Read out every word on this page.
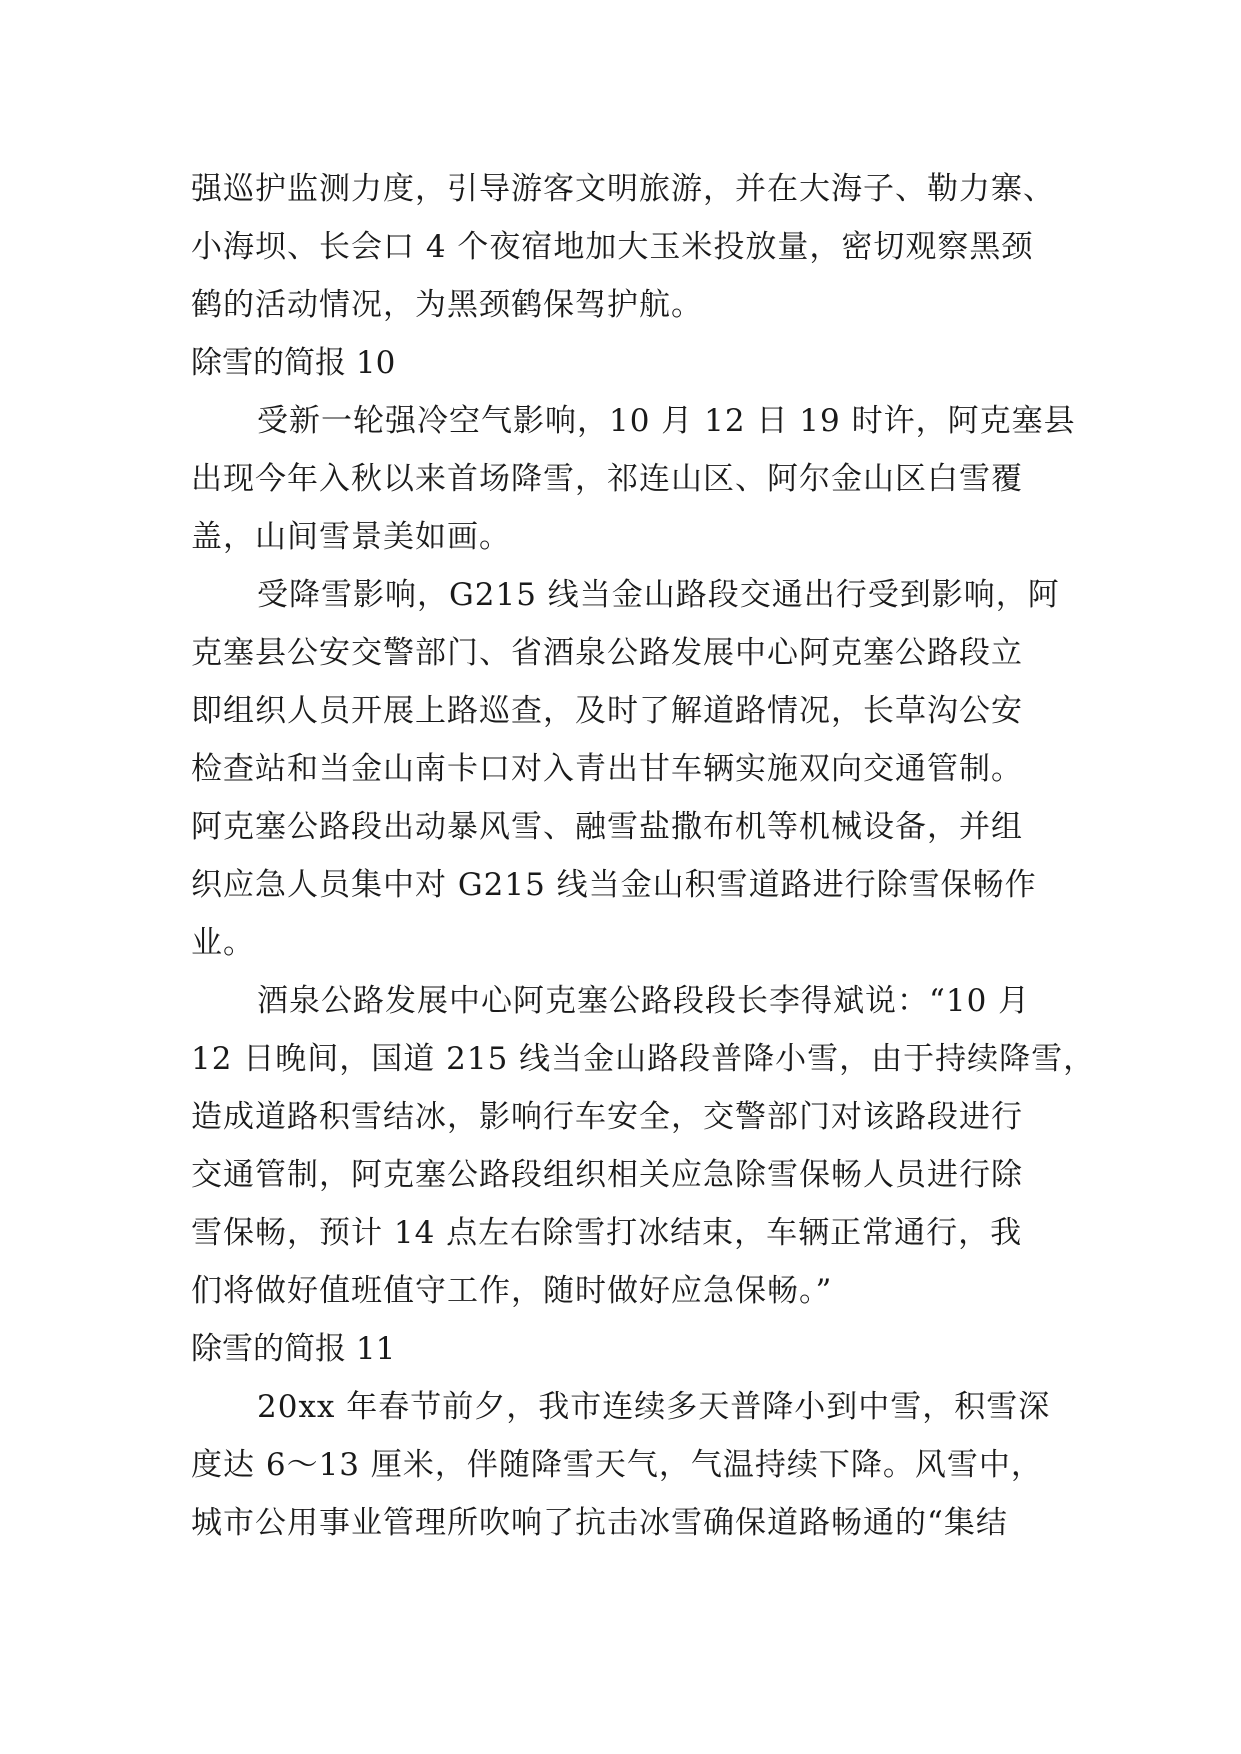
强巡护监测力度，引导游客文明旅游，并在大海子、勒力寨、
小海坝、长会口 4 个夜宿地加大玉米投放量，密切观察黑颈
鹤的活动情况，为黑颈鹤保驾护航。
除雪的简报 10
受新一轮强冷空气影响，10 月 12 日 19 时许，阿克塞县
出现今年入秋以来首场降雪，祁连山区、阿尔金山区白雪覆
盖，山间雪景美如画。
受降雪影响，G215 线当金山路段交通出行受到影响，阿
克塞县公安交警部门、省酒泉公路发展中心阿克塞公路段立
即组织人员开展上路巡查，及时了解道路情况，长草沟公安
检查站和当金山南卡口对入青出甘车辆实施双向交通管制。
阿克塞公路段出动暴风雪、融雪盐撒布机等机械设备，并组
织应急人员集中对 G215 线当金山积雪道路进行除雪保畅作
业。
酒泉公路发展中心阿克塞公路段段长李得斌说：“10 月
12 日晚间，国道 215 线当金山路段普降小雪，由于持续降雪，
造成道路积雪结冰，影响行车安全，交警部门对该路段进行
交通管制，阿克塞公路段组织相关应急除雪保畅人员进行除
雪保畅，预计 14 点左右除雪打冰结束，车辆正常通行，我
们将做好值班值守工作，随时做好应急保畅。”
除雪的简报 11
20xx 年春节前夕，我市连续多天普降小到中雪，积雪深
度达 6～13 厘米，伴随降雪天气，气温持续下降。风雪中，
城市公用事业管理所吹响了抗击冰雪确保道路畅通的“集结
